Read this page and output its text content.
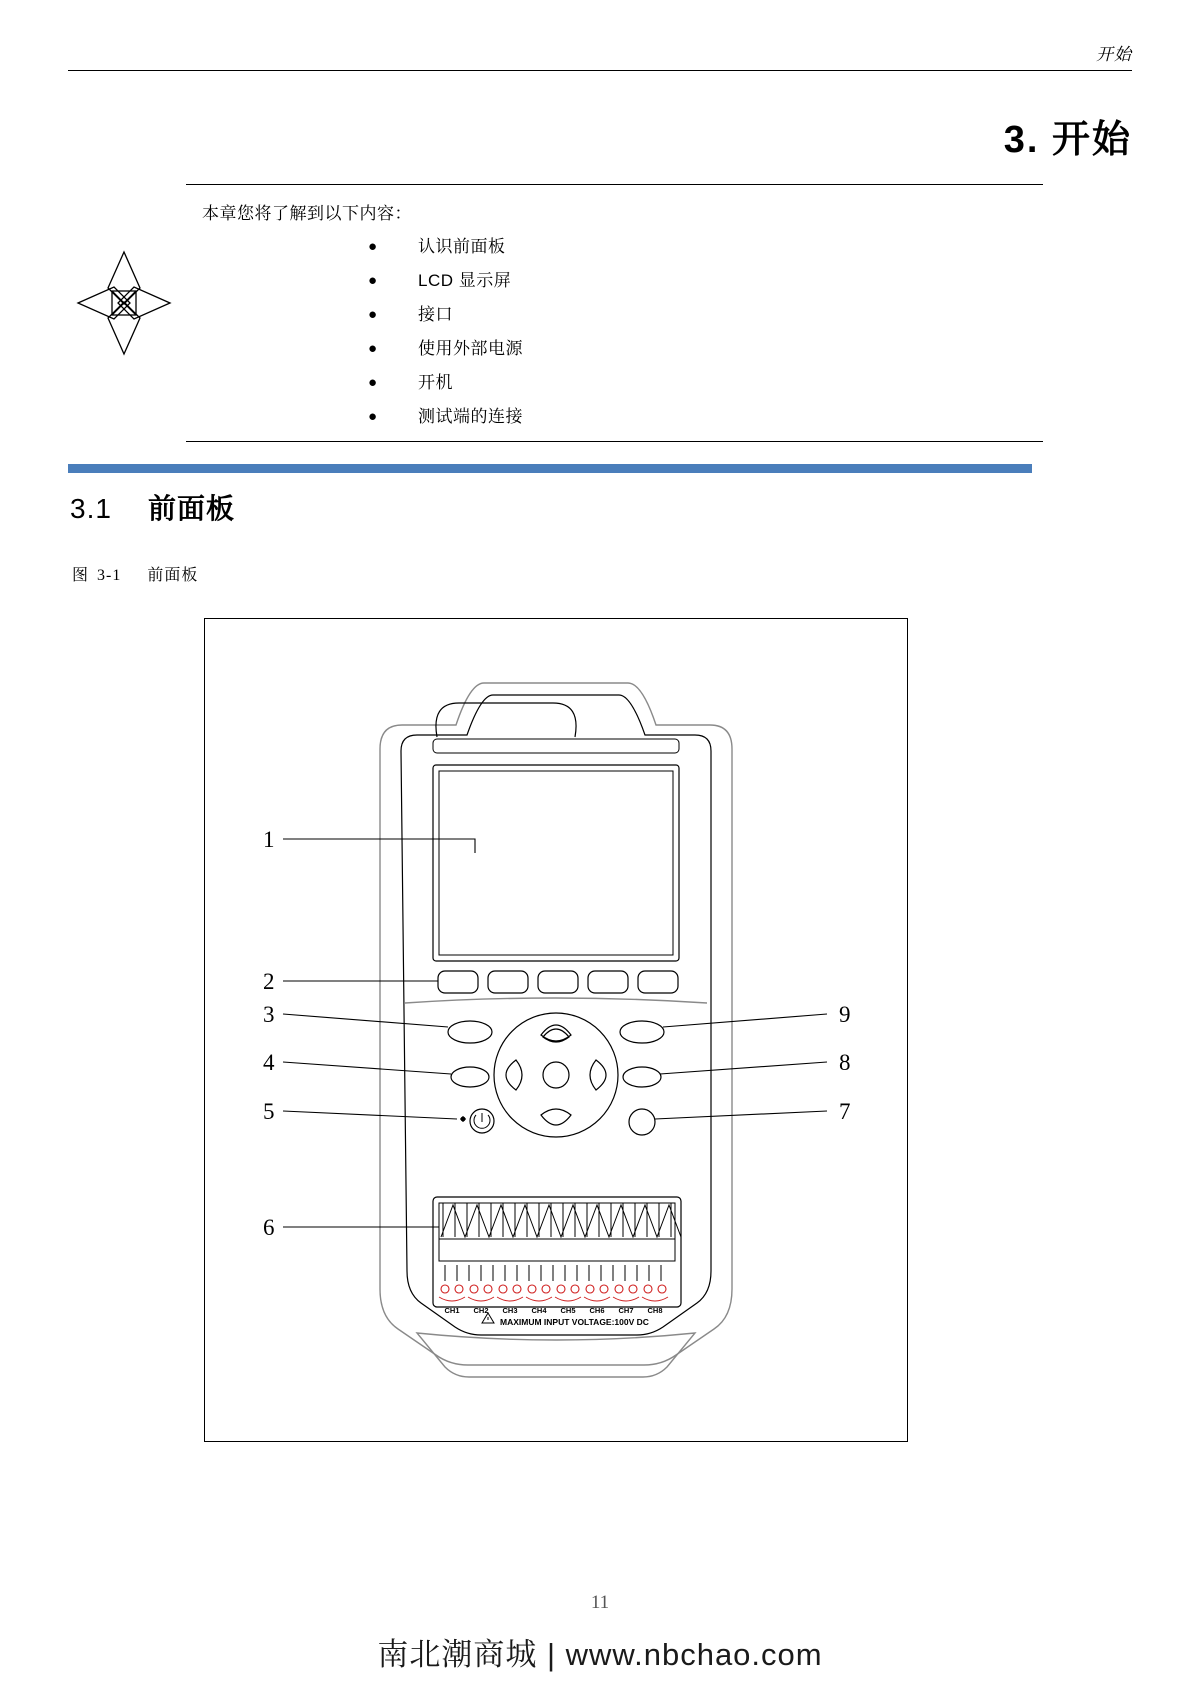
开始
3. 开始
本章您将了解到以下内容：
● 认识前面板
● LCD 显示屏
● 接口
● 使用外部电源
● 开机
● 测试端的连接
3.1 前面板
图 3-1 前面板
CH1 CH2 CH3 CH4 CH5 CH6 CH7 CH8
MAXIMUM INPUT VOLTAGE:100V DC
1
2
3
4
5
6
9
8
7
11
南北潮商城 | www.nbchao.com
